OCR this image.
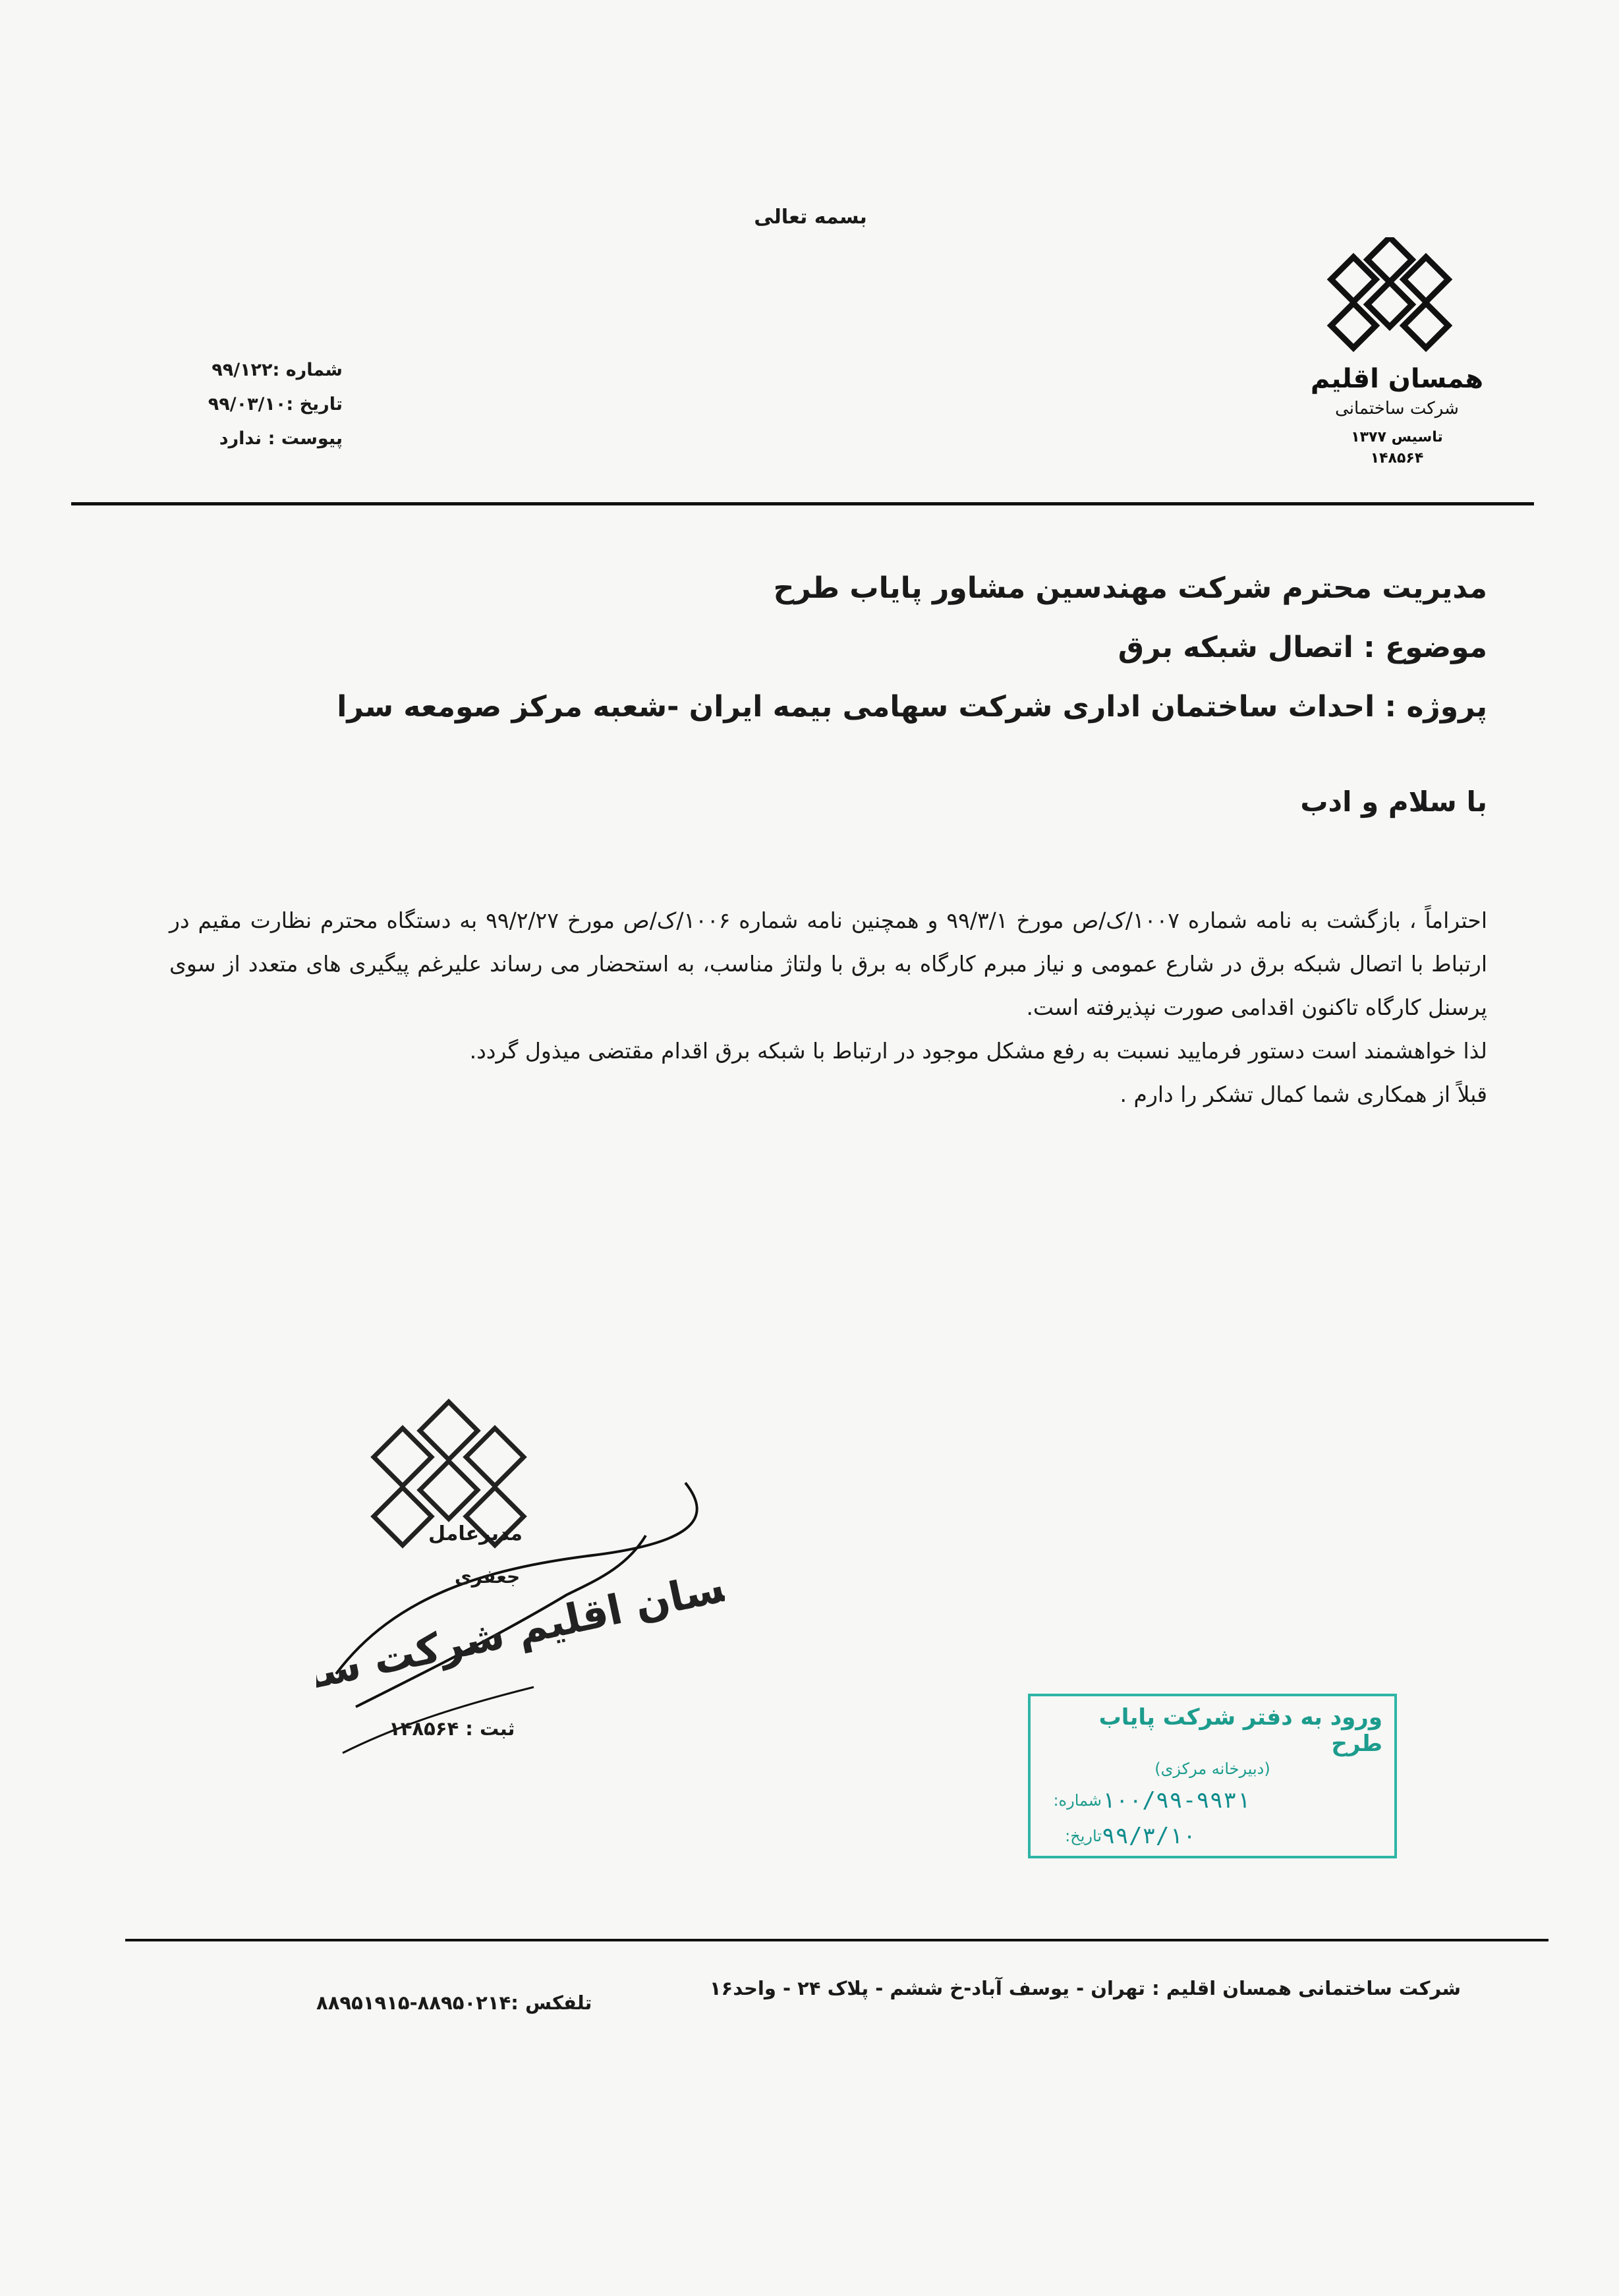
بسمه تعالی
همسان اقلیم
شرکت ساختمانی
تاسیس ۱۳۷۷
۱۴۸۵۶۴
شماره :۹۹/۱۲۲
تاریخ :۹۹/۰۳/۱۰
پیوست : ندارد
مدیریت محترم شرکت مهندسین مشاور پایاب طرح
موضوع : اتصال شبکه برق
پروژه : احداث ساختمان اداری شرکت سهامی بیمه ایران -شعبه مرکز صومعه سرا
با سلام و ادب

احتراماً ، بازگشت به نامه شماره ۱۰۰۷/ک/ص مورخ ۹۹/۳/۱ و همچنین نامه شماره ۱۰۰۶/ک/ص مورخ ۹۹/۲/۲۷ به دستگاه محترم نظارت مقیم در ارتباط با اتصال شبکه برق در شارع عمومی و نیاز مبرم کارگاه به برق با ولتاژ مناسب، به استحضار می رساند علیرغم پیگیری های متعدد از سوی پرسنل کارگاه تاکنون اقدامی صورت نپذیرفته است.

لذا خواهشمند است دستور فرمایید نسبت به رفع مشکل موجود در ارتباط با شبکه برق اقدام مقتضی میذول گردد.

قبلاً از همکاری شما کمال تشکر را دارم .

همسان اقلیم شرکت ساختمانی
مدیرعامل
جعفری
ثبت : ۱۴۸۵۶۴	ورود به دفتر شرکت پایاب طرح
(دبیرخانه مرکزی)
شماره: ۱۰۰/۹۹-۹۹۳۱
تاریخ: ۹۹/۳/۱۰
شرکت ساختمانی همسان اقلیم : تهران - یوسف آباد-خ ششم - پلاک ۲۴ - واحد۱۶
تلفکس :۸۸۹۵۰۲۱۴-۸۸۹۵۱۹۱۵
